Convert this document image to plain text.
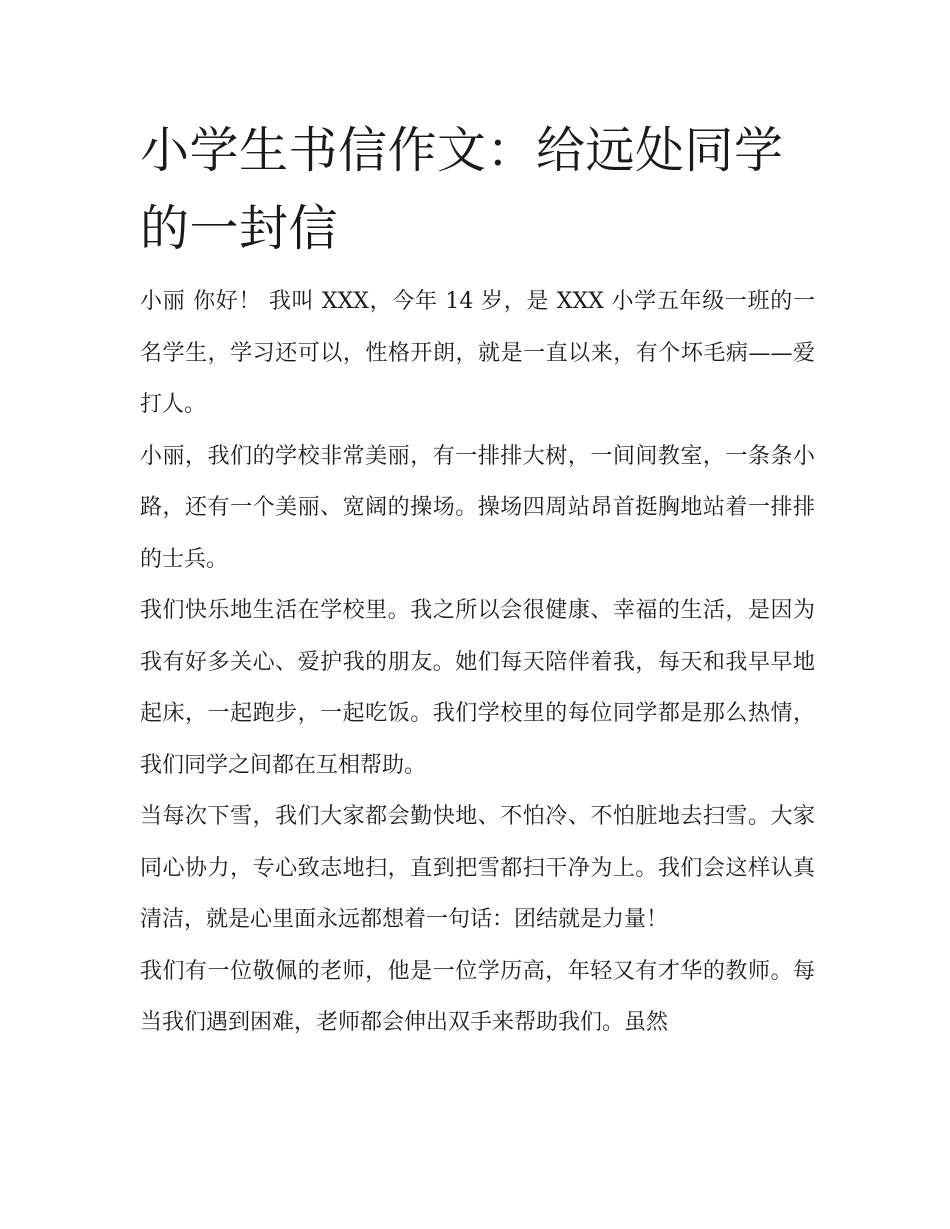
小学生书信作文：给远处同学的一封信

小丽 你好！ 我叫 XXX，今年 14 岁，是 XXX 小学五年级一班的一名学生，学习还可以，性格开朗，就是一直以来，有个坏毛病——爱打人。

小丽，我们的学校非常美丽，有一排排大树，一间间教室，一条条小路，还有一个美丽、宽阔的操场。操场四周站昂首挺胸地站着一排排的士兵。

我们快乐地生活在学校里。我之所以会很健康、幸福的生活，是因为我有好多关心、爱护我的朋友。她们每天陪伴着我，每天和我早早地起床，一起跑步，一起吃饭。我们学校里的每位同学都是那么热情，我们同学之间都在互相帮助。

当每次下雪，我们大家都会勤快地、不怕冷、不怕脏地去扫雪。大家同心协力，专心致志地扫，直到把雪都扫干净为上。我们会这样认真清洁，就是心里面永远都想着一句话：团结就是力量！

我们有一位敬佩的老师，他是一位学历高，年轻又有才华的教师。每当我们遇到困难，老师都会伸出双手来帮助我们。虽然
